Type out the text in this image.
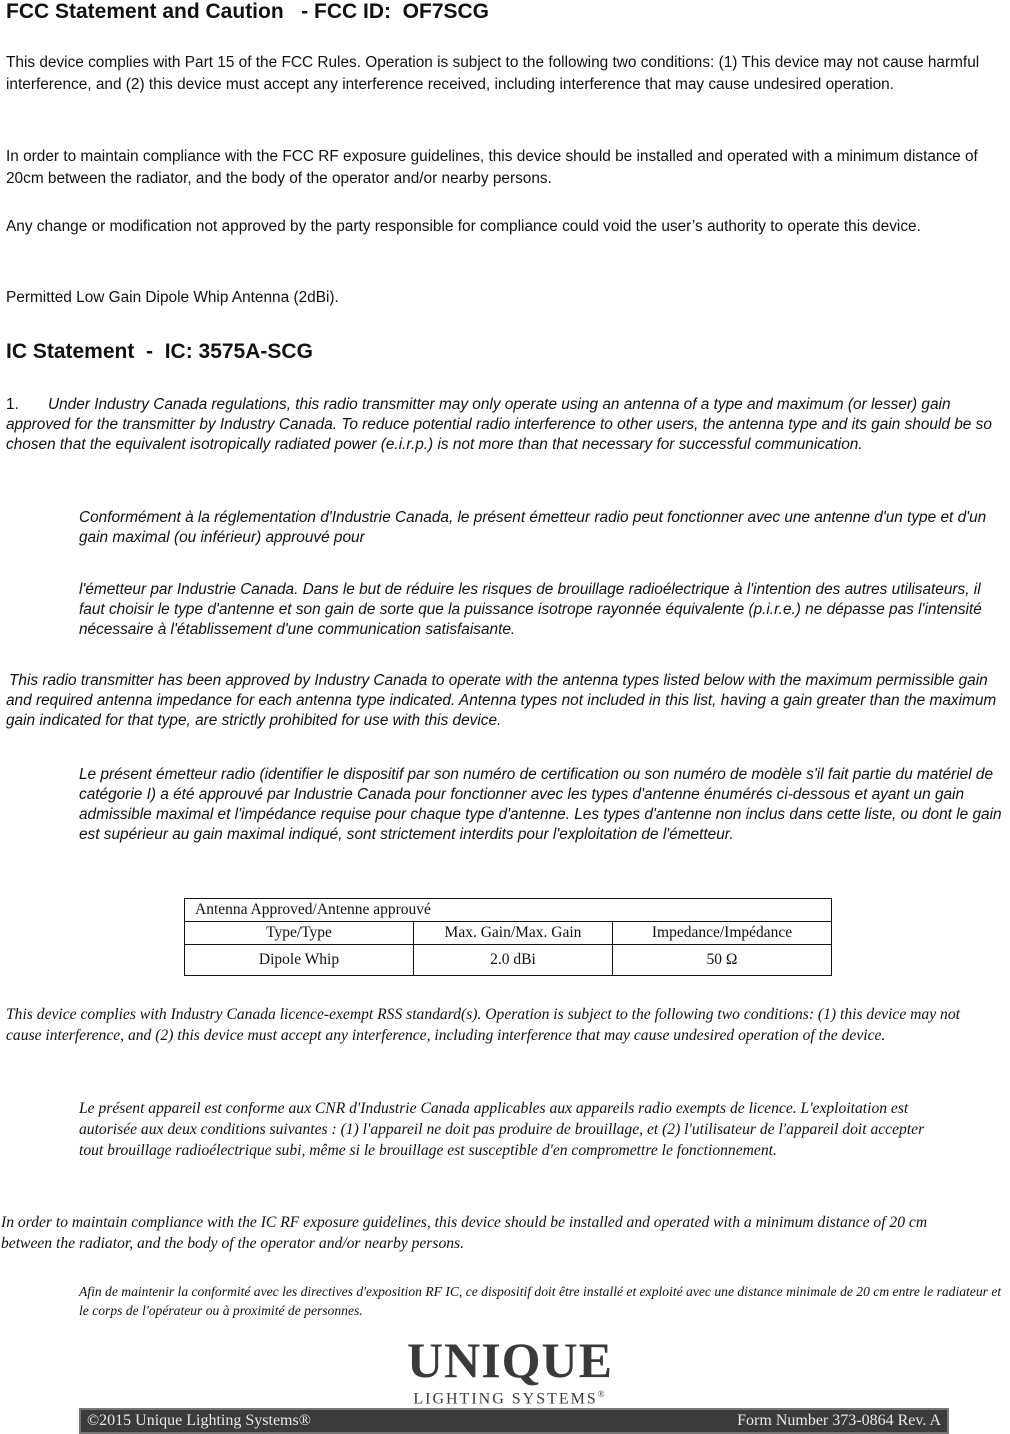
FCC Statement and Caution   - FCC ID:  OF7SCG
This device complies with Part 15 of the FCC Rules. Operation is subject to the following two conditions: (1) This device may not cause harmful interference, and (2) this device must accept any interference received, including interference that may cause undesired operation.
In order to maintain compliance with the FCC RF exposure guidelines, this device should be installed and operated with a minimum distance of 20cm between the radiator, and the body of the operator and/or nearby persons.
Any change or modification not approved by the party responsible for compliance could void the user’s authority to operate this device.
Permitted Low Gain Dipole Whip Antenna (2dBi).
IC Statement  -  IC: 3575A-SCG
1.	Under Industry Canada regulations, this radio transmitter may only operate using an antenna of a type and maximum (or lesser) gain approved for the transmitter by Industry Canada. To reduce potential radio interference to other users, the antenna type and its gain should be so chosen that the equivalent isotropically radiated power (e.i.r.p.) is not more than that necessary for successful communication.
Conformément à la réglementation d'Industrie Canada, le présent émetteur radio peut fonctionner avec une antenne d'un type et d'un gain maximal (ou inférieur) approuvé pour
l'émetteur par Industrie Canada. Dans le but de réduire les risques de brouillage radioélectrique à l'intention des autres utilisateurs, il faut choisir le type d'antenne et son gain de sorte que la puissance isotrope rayonnée équivalente (p.i.r.e.) ne dépasse pas l'intensité nécessaire à l'établissement d'une communication satisfaisante.
This radio transmitter has been approved by Industry Canada to operate with the antenna types listed below with the maximum permissible gain and required antenna impedance for each antenna type indicated. Antenna types not included in this list, having a gain greater than the maximum gain indicated for that type, are strictly prohibited for use with this device.
Le présent émetteur radio (identifier le dispositif par son numéro de certification ou son numéro de modèle s'il fait partie du matériel de catégorie I) a été approuvé par Industrie Canada pour fonctionner avec les types d'antenne énumérés ci-dessous et ayant un gain admissible maximal et l'impédance requise pour chaque type d'antenne. Les types d'antenne non inclus dans cette liste, ou dont le gain est supérieur au gain maximal indiqué, sont strictement interdits pour l'exploitation de l'émetteur.
Antenna Approved/Antenne approuvé		
Type/Type	Max. Gain/Max. Gain	Impedance/Impédance
Dipole Whip	2.0 dBi	50 Ω
This device complies with Industry Canada licence-exempt RSS standard(s). Operation is subject to the following two conditions: (1) this device may not cause interference, and (2) this device must accept any interference, including interference that may cause undesired operation of the device.
Le présent appareil est conforme aux CNR d'Industrie Canada applicables aux appareils radio exempts de licence. L'exploitation est autorisée aux deux conditions suivantes : (1) l'appareil ne doit pas produire de brouillage, et (2) l'utilisateur de l'appareil doit accepter tout brouillage radioélectrique subi, même si le brouillage est susceptible d'en compromettre le fonctionnement.
In order to maintain compliance with the IC RF exposure guidelines, this device should be installed and operated with a minimum distance of 20 cm between the radiator, and the body of the operator and/or nearby persons.
Afin de maintenir la conformité avec les directives d'exposition RF IC, ce dispositif doit être installé et exploité avec une distance minimale de 20 cm entre le radiateur et le corps de l'opérateur ou à proximité de personnes.
UNIQUE
LIGHTING SYSTEMS®
©2015 Unique Lighting Systems®	Form Number 373-0864 Rev. A
